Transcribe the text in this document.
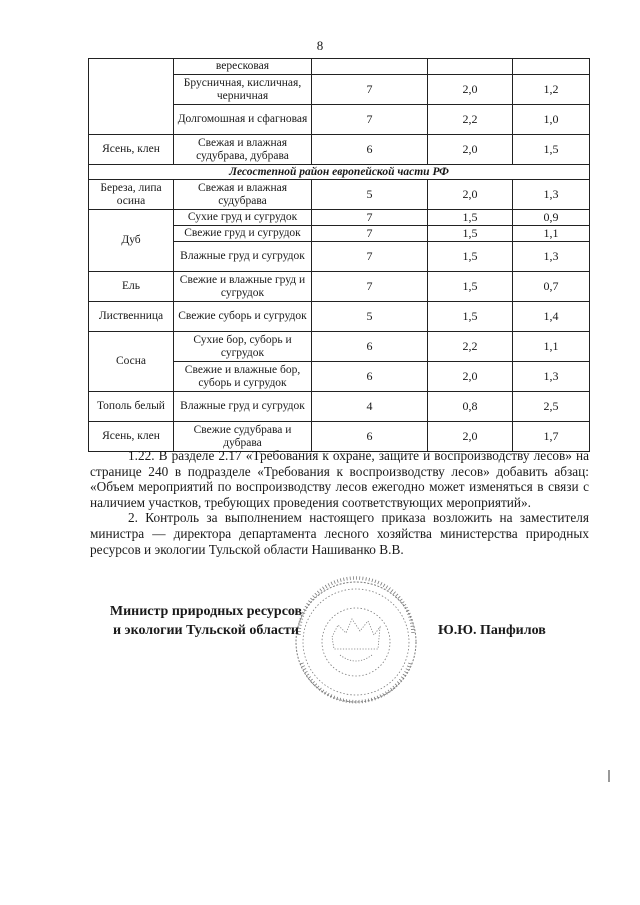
8
	вересковая			
	Брусничная, кисличная, черничная	7	2,0	1,2
	Долгомошная и сфагновая	7	2,2	1,0
Ясень, клен	Свежая и влажная судубрава, дубрава	6	2,0	1,5
Лесостепной район европейской части РФ				
Береза, липа осина	Свежая и влажная судубрава	5	2,0	1,3
Дуб	Сухие груд и сугрудок	7	1,5	0,9
	Свежие груд и сугрудок	7	1,5	1,1
	Влажные груд и сугрудок	7	1,5	1,3
Ель	Свежие и влажные груд и сугрудок	7	1,5	0,7
Лиственница	Свежие суборь и сугрудок	5	1,5	1,4
Сосна	Сухие бор, суборь и сугрудок	6	2,2	1,1
	Свежие и влажные бор, суборь и сугрудок	6	2,0	1,3
Тополь белый	Влажные груд и сугрудок	4	0,8	2,5
Ясень, клен	Свежие судубрава и дубрава	6	2,0	1,7

1.22. В разделе 2.17 «Требования к охране, защите и воспроизводству лесов» на странице 240 в подразделе «Требования к воспроизводству лесов» добавить абзац: «Объем мероприятий по воспроизводству лесов ежегодно может изменяться в связи с наличием участков, требующих проведения соответствующих мероприятий».

2. Контроль за выполнением настоящего приказа возложить на заместителя министра — директора департамента лесного хозяйства министерства природных ресурсов и экологии Тульской области Нашиванко В.В.

Министр природных ресурсов
и экологии Тульской области	Ю.Ю. Панфилов
